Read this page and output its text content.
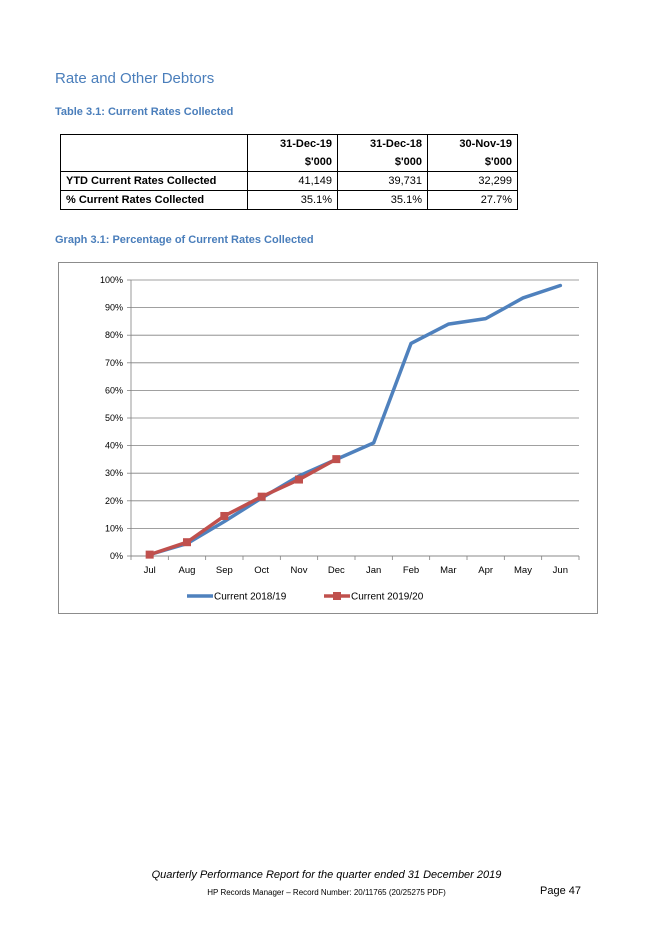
Rate and Other Debtors
Table 3.1: Current Rates Collected
	31-Dec-19	31-Dec-18	30-Nov-19
	$'000	$'000	$'000
YTD Current Rates Collected	41,149	39,731	32,299
% Current Rates Collected	35.1%	35.1%	27.7%
Graph 3.1: Percentage of Current Rates Collected
0%
10%
20%
30%
40%
50%
60%
70%
80%
90%
100%
Jul Aug Sep Oct Nov Dec Jan Feb Mar Apr May Jun
Current 2018/19	Current 2019/20
Quarterly Performance Report for the quarter ended 31 December 2019
HP Records Manager – Record Number: 20/11765 (20/25275 PDF)	Page 47
